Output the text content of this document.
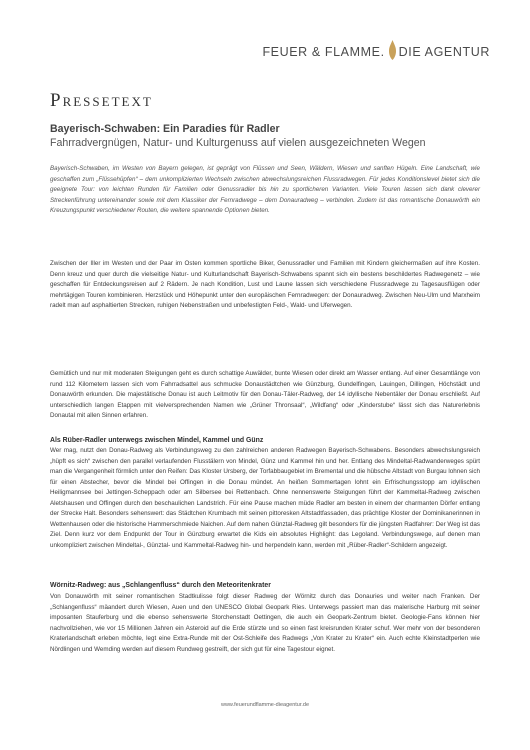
FEUER & FLAMME. DIE AGENTUR
Pressetext
Bayerisch-Schwaben: Ein Paradies für Radler

Fahrradvergnügen, Natur- und Kulturgenuss auf vielen ausgezeichneten Wegen

Bayerisch-Schwaben, im Westen von Bayern gelegen, ist geprägt von Flüssen und Seen, Wäldern, Wiesen und sanften Hügeln. Eine Landschaft, wie geschaffen zum „Flüssehüpfen“ – dem unkomplizierten Wechseln zwischen abwechslungsreichen Flussradwegen. Für jedes Konditionslevel bietet sich die geeignete Tour: von leichten Runden für Familien oder Genussradler bis hin zu sportlicheren Varianten. Viele Touren lassen sich dank cleverer Streckenführung untereinander sowie mit dem Klassiker der Fernradwege – dem Donauradweg – verbinden. Zudem ist das romantische Donauwörth ein Kreuzungspunkt verschiedener Routen, die weitere spannende Optionen bieten.

Zwischen der Iller im Westen und der Paar im Osten kommen sportliche Biker, Genussradler und Familien mit Kindern gleichermaßen auf ihre Kosten. Denn kreuz und quer durch die vielseitige Natur- und Kulturlandschaft Bayerisch-Schwabens spannt sich ein bestens beschildertes Radwegenetz – wie geschaffen für Entdeckungsreisen auf 2 Rädern. Je nach Kondition, Lust und Laune lassen sich verschiedene Flussradwege zu Tagesausflügen oder mehrtägigen Touren kombinieren. Herzstück und Höhepunkt unter den europäischen Fernradwegen: der Donauradweg. Zwischen Neu-Ulm und Marxheim radelt man auf asphaltierten Strecken, ruhigen Nebenstraßen und unbefestigten Feld-, Wald- und Uferwegen.

Gemütlich und nur mit moderaten Steigungen geht es durch schattige Auwälder, bunte Wiesen oder direkt am Wasser entlang. Auf einer Gesamtlänge von rund 112 Kilometern lassen sich vom Fahrradsattel aus schmucke Donaustädtchen wie Günzburg, Gundelfingen, Lauingen, Dillingen, Höchstädt und Donauwörth erkunden. Die majestätische Donau ist auch Leitmotiv für den Donau-Täler-Radweg, der 14 idyllische Nebentäler der Donau erschließt. Auf unterschiedlich langen Etappen mit vielversprechenden Namen wie „Grüner Thronsaal“, „Wildfang“ oder „Kinderstube“ lässt sich das Naturerlebnis Donautal mit allen Sinnen erfahren.

Als Rüber-Radler unterwegs zwischen Mindel, Kammel und Günz

Wer mag, nutzt den Donau-Radweg als Verbindungsweg zu den zahlreichen anderen Radwegen Bayerisch-Schwabens. Besonders abwechslungsreich „hüpft es sich“ zwischen den parallel verlaufenden Flusstälern von Mindel, Günz und Kammel hin und her. Entlang des Mindeltal-Radwanderweges spürt man die Vergangenheit förmlich unter den Reifen: Das Kloster Ursberg, der Torfabbaugebiet im Bremental und die hübsche Altstadt von Burgau lohnen sich für einen Abstecher, bevor die Mindel bei Offingen in die Donau mündet. An heißen Sommertagen lohnt ein Erfrischungsstopp am idyllischen Heiligmannsee bei Jettingen-Scheppach oder am Silbersee bei Rettenbach. Ohne nennenswerte Steigungen führt der Kammeltal-Radweg zwischen Aletshausen und Offingen durch den beschaulichen Landstrich. Für eine Pause machen müde Radler am besten in einem der charmanten Dörfer entlang der Strecke Halt. Besonders sehenswert: das Städtchen Krumbach mit seinen pittoresken Altstadtfassaden, das prächtige Kloster der Dominikanerinnen in Wettenhausen oder die historische Hammerschmiede Naichen. Auf dem nahen Günztal-Radweg gilt besonders für die jüngsten Radfahrer: Der Weg ist das Ziel. Denn kurz vor dem Endpunkt der Tour in Günzburg erwartet die Kids ein absolutes Highlight: das Legoland. Verbindungswege, auf denen man unkompliziert zwischen Mindeltal-, Günztal- und Kammeltal-Radweg hin- und herpendeln kann, werden mit „Rüber-Radler“-Schildern angezeigt.

Wörnitz-Radweg: aus „Schlangenfluss“ durch den Meteoritenkrater

Von Donauwörth mit seiner romantischen Stadtkulisse folgt dieser Radweg der Wörnitz durch das Donauries und weiter nach Franken. Der „Schlangenfluss“ mäandert durch Wiesen, Auen und den UNESCO Global Geopark Ries. Unterwegs passiert man das malerische Harburg mit seiner imposanten Stauferburg und die ebenso sehenswerte Storchenstadt Oettingen, die auch ein Geopark-Zentrum bietet. Geologie-Fans können hier nachvollziehen, wie vor 15 Millionen Jahren ein Asteroid auf die Erde stürzte und so einen fast kreisrunden Krater schuf. Wer mehr von der besonderen Kraterlandschaft erleben möchte, legt eine Extra-Runde mit der Ost-Schleife des Radwegs „Von Krater zu Krater“ ein. Auch echte Kleinstadtperlen wie Nördlingen und Wemding werden auf diesem Rundweg gestreift, der sich gut für eine Tagestour eignet.

www.feuerundflamme-dieagentur.de
